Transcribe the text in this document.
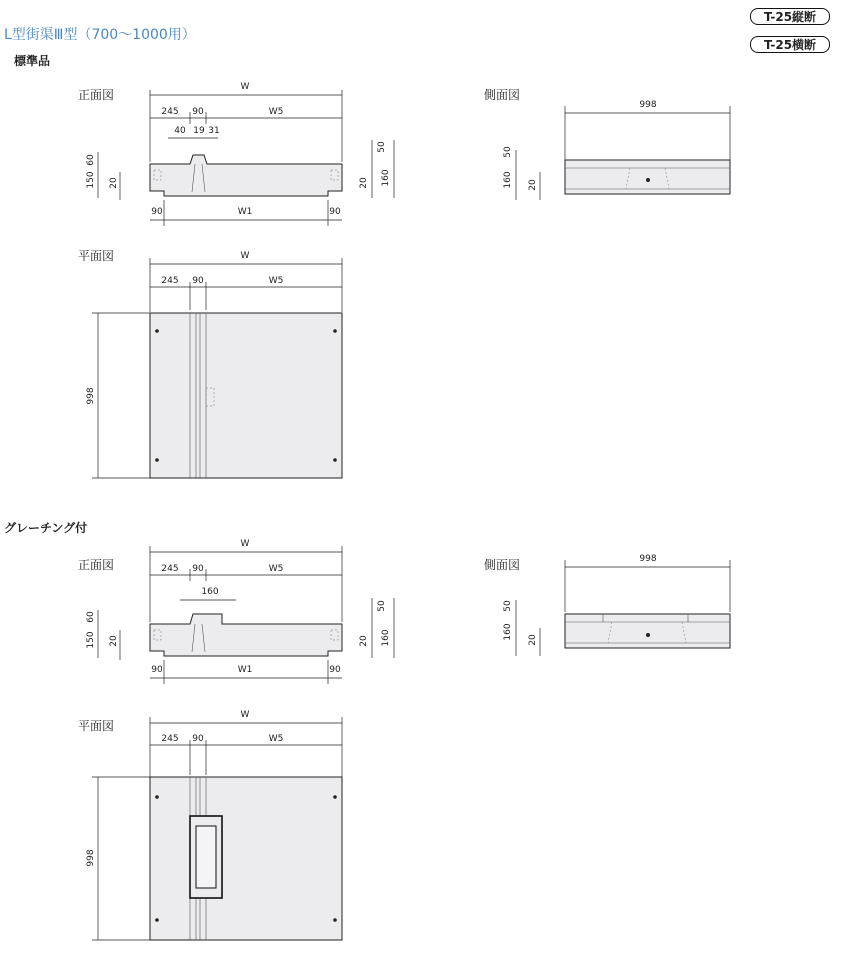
L型街渠Ⅲ型（700〜1000用）
T-25縦断
T-25横断
標準品
グレーチング付
正面図	側面図
平面図
正面図	側面図
平面図
W
245 90	W5
40 19 31
60
150 20
50
20 160
90	W1	90
998
50
160 20
W
245 90	W5
998
W
245 90	W5
160
60
150 20
50
20 160
90	W1	90
998
50
160 20
W
245 90	W5
998
